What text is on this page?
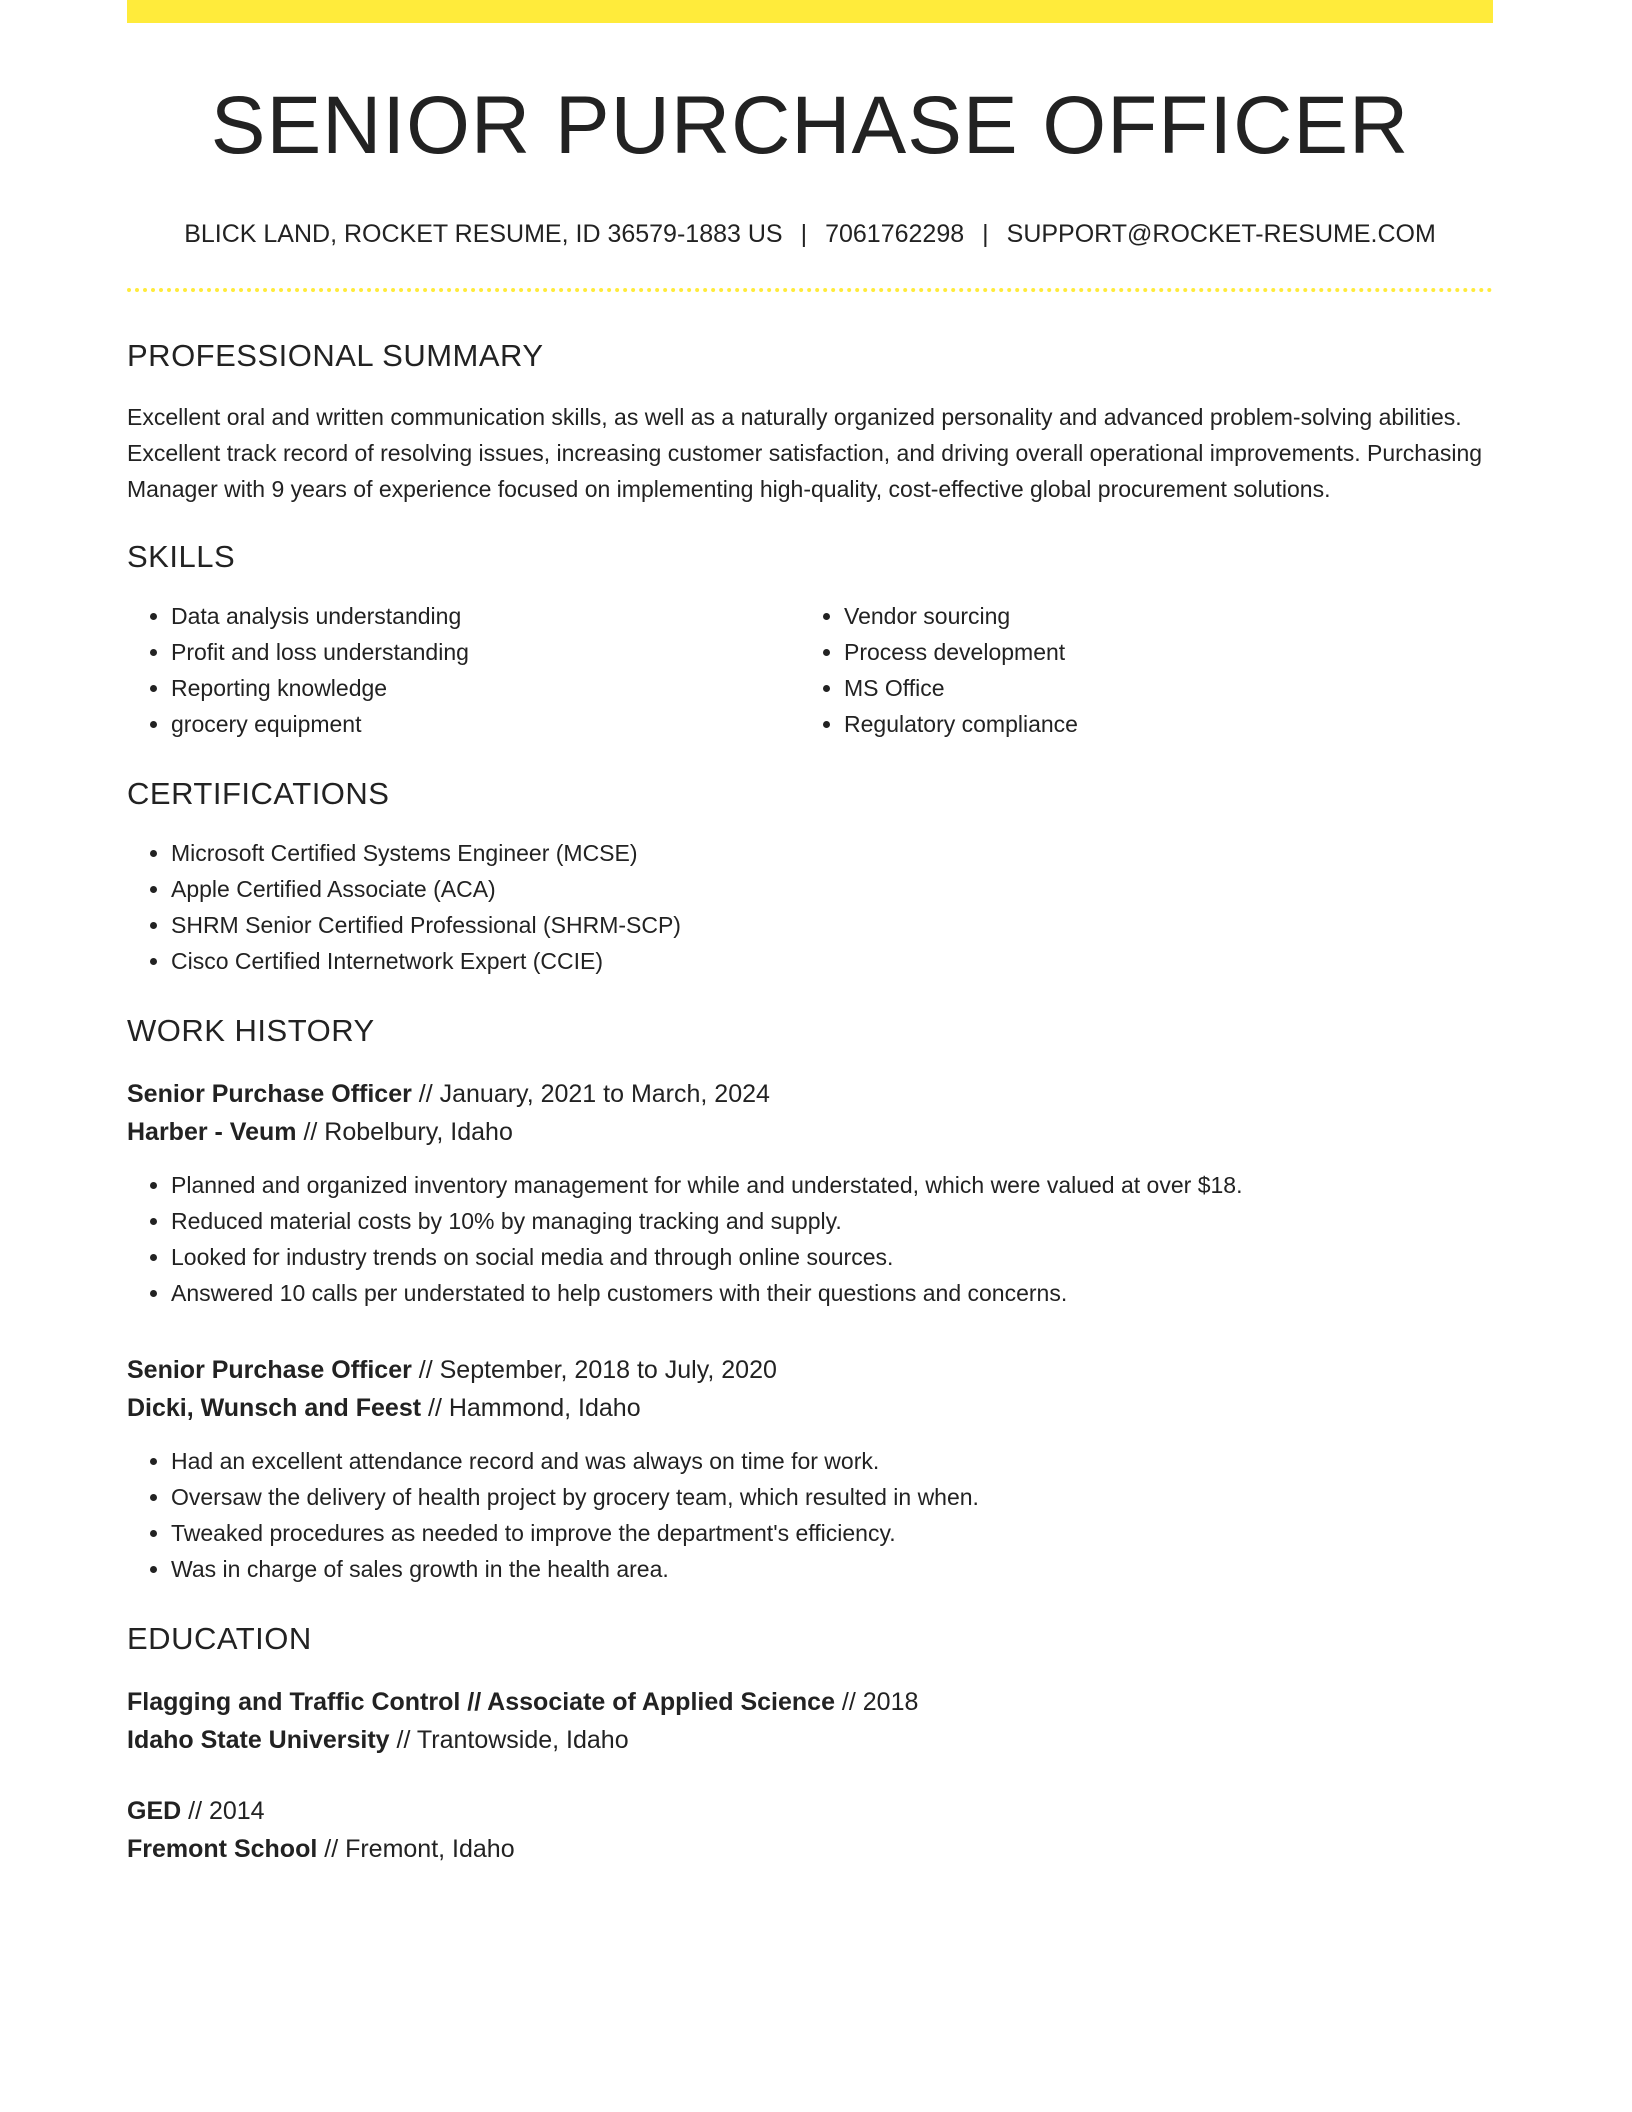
SENIOR PURCHASE OFFICER
BLICK LAND, ROCKET RESUME, ID 36579-1883 US | 7061762298 | SUPPORT@ROCKET-RESUME.COM
PROFESSIONAL SUMMARY

Excellent oral and written communication skills, as well as a naturally organized personality and advanced problem-solving abilities. Excellent track record of resolving issues, increasing customer satisfaction, and driving overall operational improvements. Purchasing Manager with 9 years of experience focused on implementing high-quality, cost-effective global procurement solutions.

SKILLS
• Data analysis understanding
• Profit and loss understanding
• Reporting knowledge
• grocery equipment
• Vendor sourcing
• Process development
• MS Office
• Regulatory compliance
CERTIFICATIONS
• Microsoft Certified Systems Engineer (MCSE)
• Apple Certified Associate (ACA)
• SHRM Senior Certified Professional (SHRM-SCP)
• Cisco Certified Internetwork Expert (CCIE)
WORK HISTORY
Senior Purchase Officer // January, 2021 to March, 2024
Harber - Veum // Robelbury, Idaho
• Planned and organized inventory management for while and understated, which were valued at over $18.
• Reduced material costs by 10% by managing tracking and supply.
• Looked for industry trends on social media and through online sources.
• Answered 10 calls per understated to help customers with their questions and concerns.
Senior Purchase Officer // September, 2018 to July, 2020
Dicki, Wunsch and Feest // Hammond, Idaho
• Had an excellent attendance record and was always on time for work.
• Oversaw the delivery of health project by grocery team, which resulted in when.
• Tweaked procedures as needed to improve the department's efficiency.
• Was in charge of sales growth in the health area.
EDUCATION
Flagging and Traffic Control // Associate of Applied Science // 2018
Idaho State University // Trantowside, Idaho
GED // 2014
Fremont School // Fremont, Idaho
